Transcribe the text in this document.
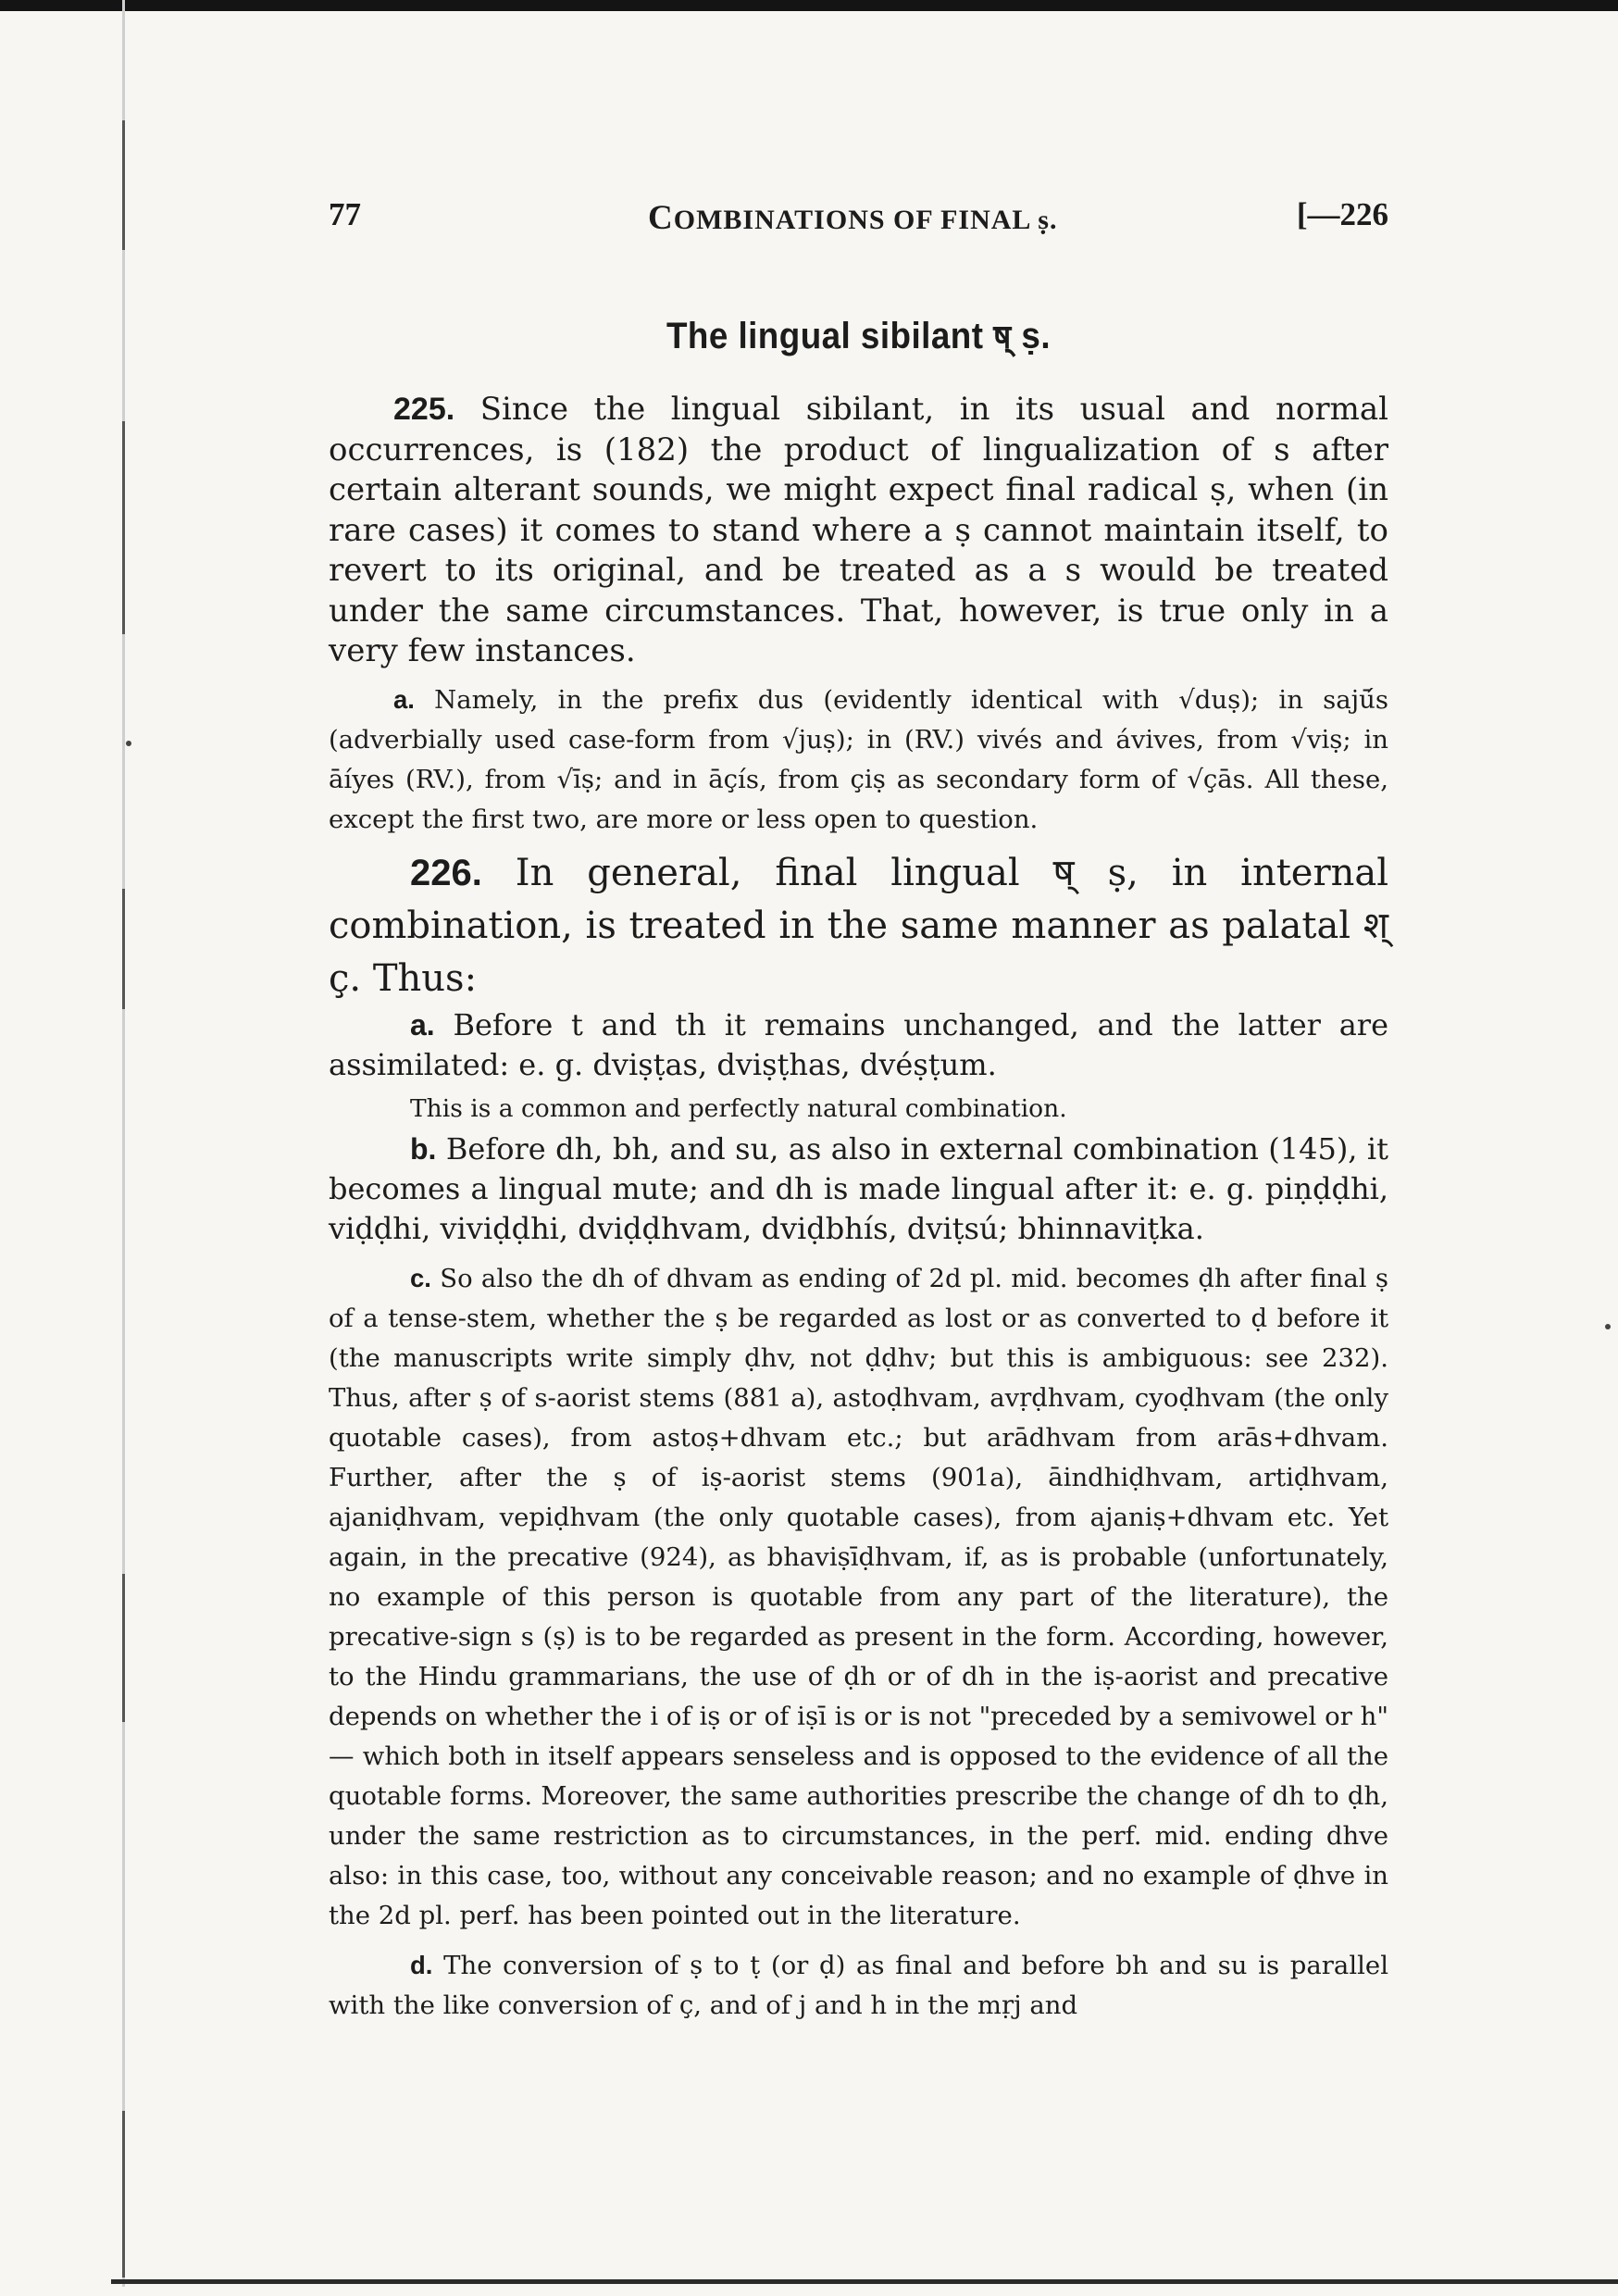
77	COMBINATIONS OF FINAL ṣ.	[—226
The lingual sibilant ष् ṣ.

225. Since the lingual sibilant, in its usual and normal occurrences, is (182) the product of lingualization of s after certain alterant sounds, we might expect final radical ṣ, when (in rare cases) it comes to stand where a ṣ cannot maintain itself, to revert to its original, and be treated as a s would be treated under the same circumstances. That, however, is true only in a very few instances.

a. Namely, in the prefix dus (evidently identical with √duṣ); in sajū́s (adverbially used case-form from √juṣ); in (RV.) vivés and ávives, from √viṣ; in āíyes (RV.), from √īṣ; and in āçís, from çiṣ as secondary form of √çās. All these, except the first two, are more or less open to question.

226. In general, final lingual ष् ṣ, in internal combination, is treated in the same manner as palatal श् ç. Thus:

a. Before t and th it remains unchanged, and the latter are assimilated: e. g. dviṣṭas, dviṣṭhas, dvéṣṭum.

This is a common and perfectly natural combination.

b. Before dh, bh, and su, as also in external combination (145), it becomes a lingual mute; and dh is made lingual after it: e. g. piṇḍḍhi, viḍḍhi, viviḍḍhi, dviḍḍhvam, dviḍbhís, dviṭsú; bhinnaviṭka.

c. So also the dh of dhvam as ending of 2d pl. mid. becomes ḍh after final ṣ of a tense-stem, whether the ṣ be regarded as lost or as converted to ḍ before it (the manuscripts write simply ḍhv, not ḍḍhv; but this is ambiguous: see 232). Thus, after ṣ of s-aorist stems (881 a), astoḍhvam, avṛḍhvam, cyoḍhvam (the only quotable cases), from astoṣ+dhvam etc.; but arādhvam from arās+dhvam. Further, after the ṣ of iṣ-aorist stems (901a), āindhiḍhvam, artiḍhvam, ajaniḍhvam, vepiḍhvam (the only quotable cases), from ajaniṣ+dhvam etc. Yet again, in the precative (924), as bhaviṣīḍhvam, if, as is probable (unfortunately, no example of this person is quotable from any part of the literature), the precative-sign s (ṣ) is to be regarded as present in the form. According, however, to the Hindu grammarians, the use of ḍh or of dh in the iṣ-aorist and precative depends on whether the i of iṣ or of iṣī is or is not "preceded by a semivowel or h" — which both in itself appears senseless and is opposed to the evidence of all the quotable forms. Moreover, the same authorities prescribe the change of dh to ḍh, under the same restriction as to circumstances, in the perf. mid. ending dhve also: in this case, too, without any conceivable reason; and no example of ḍhve in the 2d pl. perf. has been pointed out in the literature.

d. The conversion of ṣ to ṭ (or ḍ) as final and before bh and su is parallel with the like conversion of ç, and of j and h in the mṛj and
